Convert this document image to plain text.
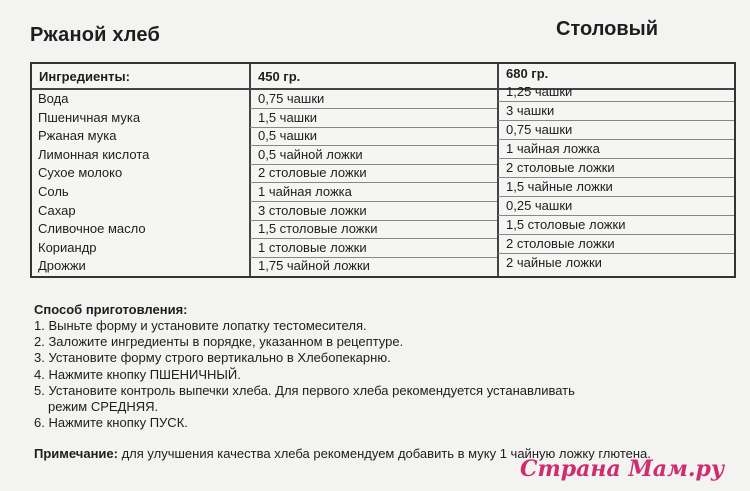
Ржаной хлеб	Столовый
Ингредиенты:	450 гр.	680 гр.
Вода	0,75 чашки	1,25 чашки
Пшеничная мука	1,5 чашки	3 чашки
Ржаная мука	0,5 чашки	0,75 чашки
Лимонная кислота	0,5 чайной ложки	1 чайная ложка
Сухое молоко	2 столовые ложки	2 столовые ложки
Соль	1 чайная ложка	1,5 чайные ложки
Сахар	3 столовые ложки	0,25 чашки
Сливочное масло	1,5 столовые ложки	1,5 столовые ложки
Кориандр	1 столовые ложки	2 столовые ложки
Дрожжи	1,75 чайной ложки	2 чайные ложки
Способ приготовления:
1. Выньте форму и установите лопатку тестомесителя.
2. Заложите ингредиенты в порядке, указанном в рецептуре.
3. Установите форму строго вертикально в Хлебопекарню.
4. Нажмите кнопку ПШЕНИЧНЫЙ.
5. Установите контроль выпечки хлеба. Для первого хлеба рекомендуется устанавливать
режим СРЕДНЯЯ.
6. Нажмите кнопку ПУСК.
Примечание: для улучшения качества хлеба рекомендуем добавить в муку 1 чайную ложку глютена.
Страна Мам.ру
